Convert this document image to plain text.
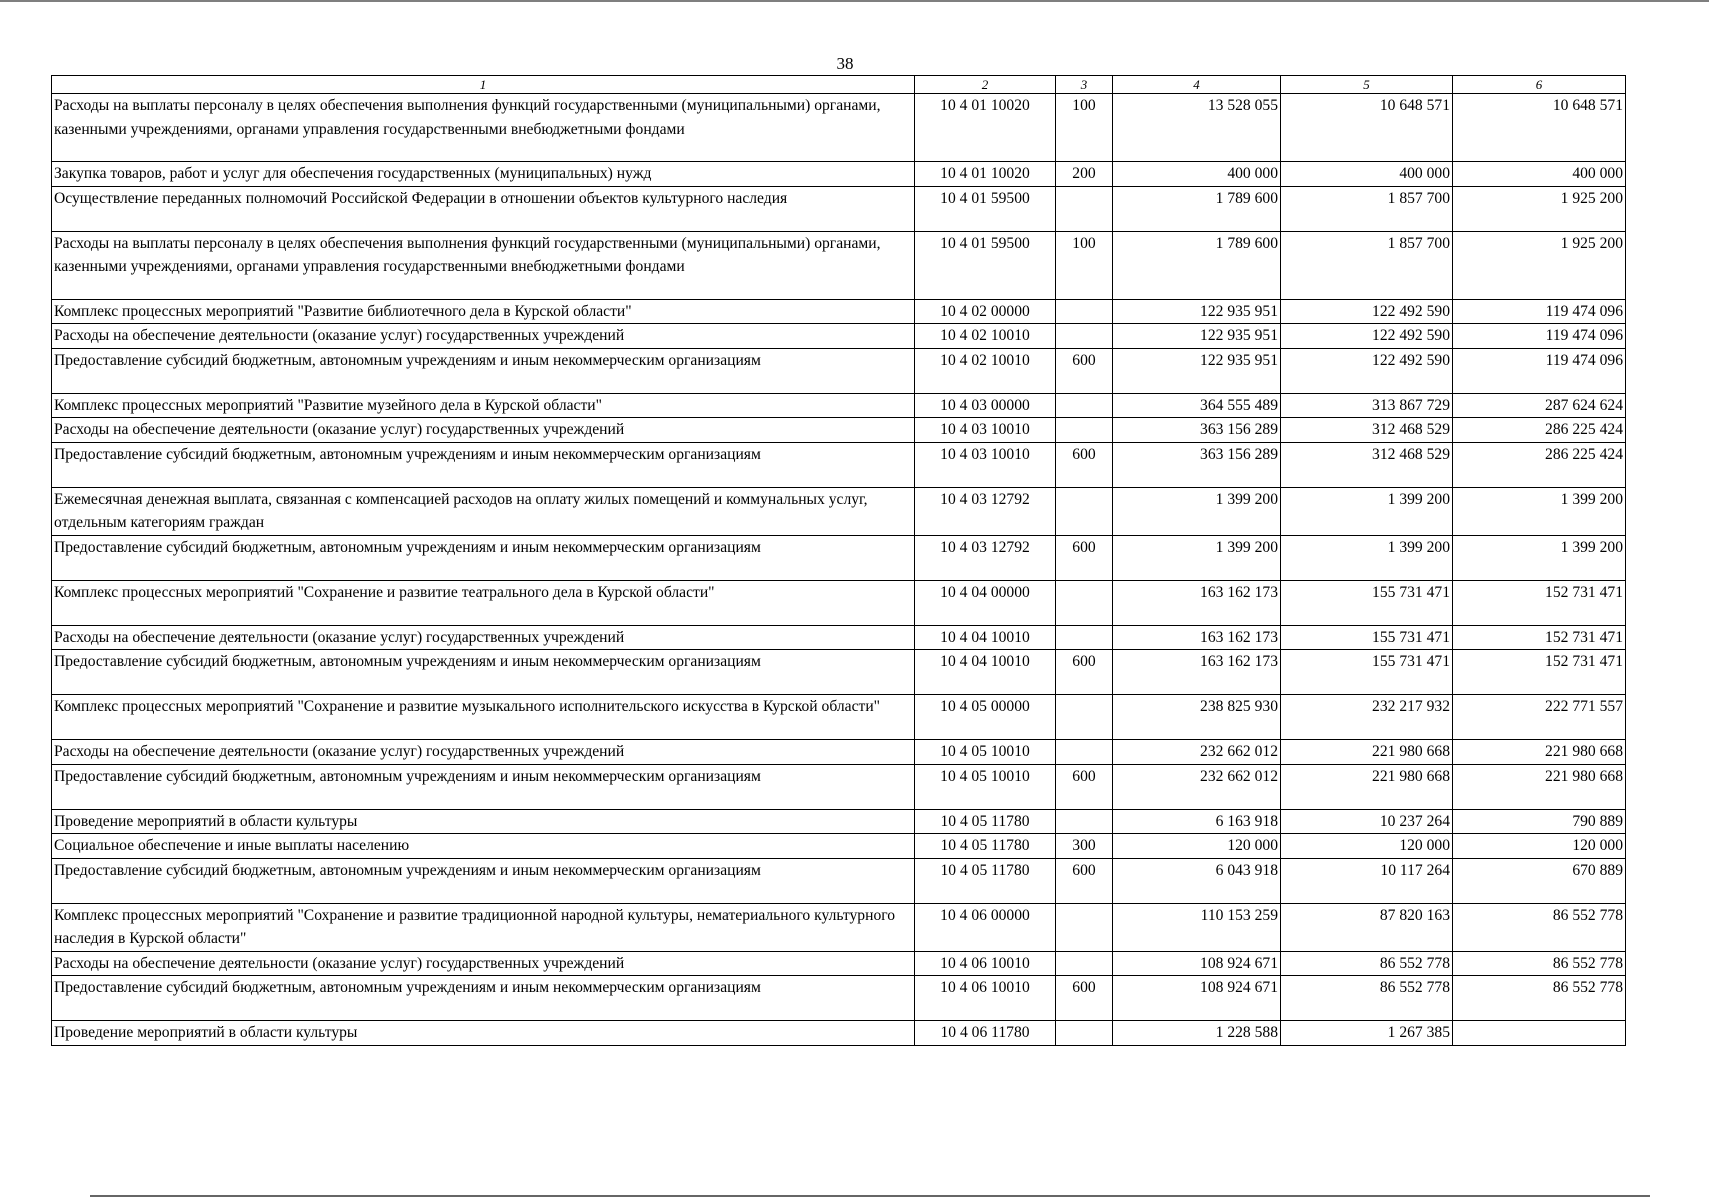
38
1	2	3	4	5	6
Расходы на выплаты персоналу в целях обеспечения выполнения функций государственными (муниципальными) органами, казенными учреждениями, органами управления государственными внебюджетными фондами	10 4 01 10020	100	13 528 055	10 648 571	10 648 571
Закупка товаров, работ и услуг для обеспечения государственных (муниципальных) нужд	10 4 01 10020	200	400 000	400 000	400 000
Осуществление переданных полномочий Российской Федерации в отношении объектов культурного наследия	10 4 01 59500		1 789 600	1 857 700	1 925 200
Расходы на выплаты персоналу в целях обеспечения выполнения функций государственными (муниципальными) органами, казенными учреждениями, органами управления государственными внебюджетными фондами	10 4 01 59500	100	1 789 600	1 857 700	1 925 200
Комплекс процессных мероприятий "Развитие библиотечного дела в Курской области"	10 4 02 00000		122 935 951	122 492 590	119 474 096
Расходы на обеспечение деятельности (оказание услуг) государственных учреждений	10 4 02 10010		122 935 951	122 492 590	119 474 096
Предоставление субсидий бюджетным, автономным учреждениям и иным некоммерческим организациям	10 4 02 10010	600	122 935 951	122 492 590	119 474 096
Комплекс процессных мероприятий "Развитие музейного дела в Курской области"	10 4 03 00000		364 555 489	313 867 729	287 624 624
Расходы на обеспечение деятельности (оказание услуг) государственных учреждений	10 4 03 10010		363 156 289	312 468 529	286 225 424
Предоставление субсидий бюджетным, автономным учреждениям и иным некоммерческим организациям	10 4 03 10010	600	363 156 289	312 468 529	286 225 424
Ежемесячная денежная выплата, связанная с компенсацией расходов на оплату жилых помещений и коммунальных услуг, отдельным категориям граждан	10 4 03 12792		1 399 200	1 399 200	1 399 200
Предоставление субсидий бюджетным, автономным учреждениям и иным некоммерческим организациям	10 4 03 12792	600	1 399 200	1 399 200	1 399 200
Комплекс процессных мероприятий "Сохранение и развитие театрального дела в Курской области"	10 4 04 00000		163 162 173	155 731 471	152 731 471
Расходы на обеспечение деятельности (оказание услуг) государственных учреждений	10 4 04 10010		163 162 173	155 731 471	152 731 471
Предоставление субсидий бюджетным, автономным учреждениям и иным некоммерческим организациям	10 4 04 10010	600	163 162 173	155 731 471	152 731 471
Комплекс процессных мероприятий "Сохранение и развитие музыкального исполнительского искусства в Курской области"	10 4 05 00000		238 825 930	232 217 932	222 771 557
Расходы на обеспечение деятельности (оказание услуг) государственных учреждений	10 4 05 10010		232 662 012	221 980 668	221 980 668
Предоставление субсидий бюджетным, автономным учреждениям и иным некоммерческим организациям	10 4 05 10010	600	232 662 012	221 980 668	221 980 668
Проведение мероприятий в области культуры	10 4 05 11780		6 163 918	10 237 264	790 889
Социальное обеспечение и иные выплаты населению	10 4 05 11780	300	120 000	120 000	120 000
Предоставление субсидий бюджетным, автономным учреждениям и иным некоммерческим организациям	10 4 05 11780	600	6 043 918	10 117 264	670 889
Комплекс процессных мероприятий "Сохранение и развитие традиционной народной культуры, нематериального культурного наследия в Курской области"	10 4 06 00000		110 153 259	87 820 163	86 552 778
Расходы на обеспечение деятельности (оказание услуг) государственных учреждений	10 4 06 10010		108 924 671	86 552 778	86 552 778
Предоставление субсидий бюджетным, автономным учреждениям и иным некоммерческим организациям	10 4 06 10010	600	108 924 671	86 552 778	86 552 778
Проведение мероприятий в области культуры	10 4 06 11780		1 228 588	1 267 385	
